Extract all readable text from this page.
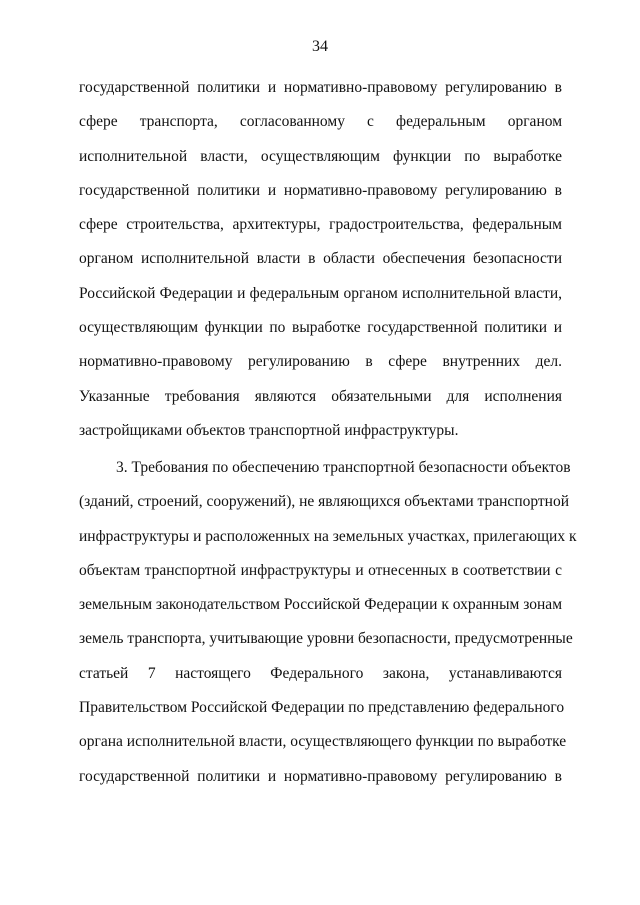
34
государственной политики и нормативно-правовому регулированию в
сфере транспорта, согласованному с федеральным органом
исполнительной власти, осуществляющим функции по выработке
государственной политики и нормативно-правовому регулированию в
сфере строительства, архитектуры, градостроительства, федеральным
органом исполнительной власти в области обеспечения безопасности
Российской Федерации и федеральным органом исполнительной власти,
осуществляющим функции по выработке государственной политики и
нормативно-правовому регулированию в сфере внутренних дел.
Указанные требования являются обязательными для исполнения
застройщиками объектов транспортной инфраструктуры.
3. Требования по обеспечению транспортной безопасности объектов
(зданий, строений, сооружений), не являющихся объектами транспортной
инфраструктуры и расположенных на земельных участках, прилегающих к
объектам транспортной инфраструктуры и отнесенных в соответствии с
земельным законодательством Российской Федерации к охранным зонам
земель транспорта, учитывающие уровни безопасности, предусмотренные
статьей 7 настоящего Федерального закона, устанавливаются
Правительством Российской Федерации по представлению федерального
органа исполнительной власти, осуществляющего функции по выработке
государственной политики и нормативно-правовому регулированию в
